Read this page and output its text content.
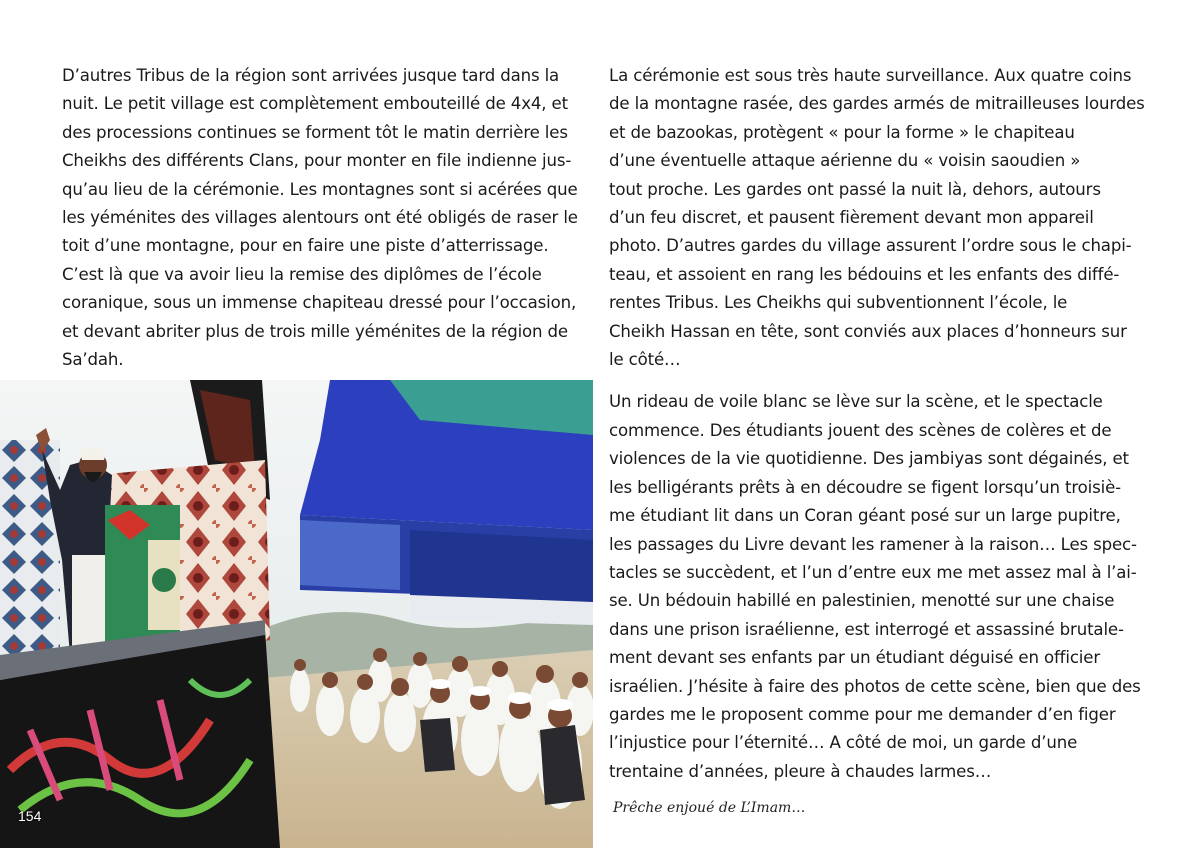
D’autres Tribus de la région sont arrivées jusque tard dans la

nuit. Le petit village est complètement embouteillé de 4x4, et

des processions continues se forment tôt le matin derrière les

Cheikhs des différents Clans, pour monter en file indienne jus-

qu’au lieu de la cérémonie. Les montagnes sont si acérées que

les yéménites des villages alentours ont été obligés de raser le

toit d’une montagne, pour en faire une piste d’atterrissage.

C’est là que va avoir lieu la remise des diplômes de l’école

coranique, sous un immense chapiteau dressé pour l’occasion,

et devant abriter plus de trois mille yéménites de la région de

Sa’dah.

La cérémonie est sous très haute surveillance. Aux quatre coins

de la montagne rasée, des gardes armés de mitrailleuses lourdes

et de bazookas, protègent « pour la forme » le chapiteau

d’une éventuelle attaque aérienne du « voisin saoudien »

tout proche. Les gardes ont passé la nuit là, dehors, autours

d’un feu discret, et pausent fièrement devant mon appareil

photo. D’autres gardes du village assurent l’ordre sous le chapi-

teau, et assoient en rang les bédouins et les enfants des diffé-

rentes Tribus. Les Cheikhs qui subventionnent l’école, le

Cheikh Hassan en tête, sont conviés aux places d’honneurs sur

le côté…

Un rideau de voile blanc se lève sur la scène, et le spectacle

commence. Des étudiants jouent des scènes de colères et de

violences de la vie quotidienne. Des jambiyas sont dégainés, et

les belligérants prêts à en découdre se figent lorsqu’un troisiè-

me étudiant lit dans un Coran géant posé sur un large pupitre,

les passages du Livre devant les ramener à la raison… Les spec-

tacles se succèdent, et l’un d’entre eux me met assez mal à l’ai-

se. Un bédouin habillé en palestinien, menotté sur une chaise

dans une prison israélienne, est interrogé et assassiné brutale-

ment devant ses enfants par un étudiant déguisé en officier

israélien. J’hésite à faire des photos de cette scène, bien que des

gardes me le proposent comme pour me demander d’en figer

l’injustice pour l’éternité… A côté de moi, un garde d’une

trentaine d’années, pleure à chaudes larmes…

Prêche enjoué de L’Imam…
154
